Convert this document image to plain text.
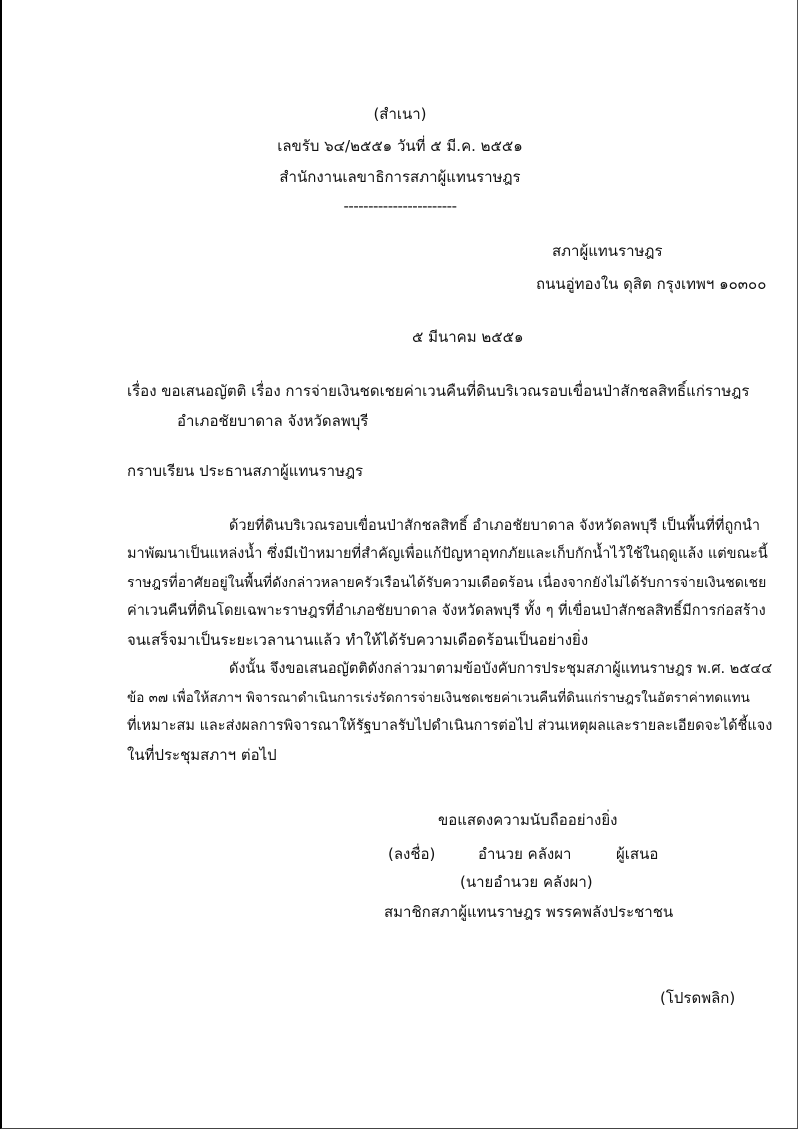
(สำเนา)
เลขรับ ๖๔/๒๕๕๑ วันที่ ๕ มี.ค. ๒๕๕๑
สำนักงานเลขาธิการสภาผู้แทนราษฎร
-----------------------
สภาผู้แทนราษฎร
ถนนอู่ทองใน ดุสิต กรุงเทพฯ ๑๐๓๐๐
๕ มีนาคม ๒๕๕๑
เรื่อง ขอเสนอญัตติ เรื่อง การจ่ายเงินชดเชยค่าเวนคืนที่ดินบริเวณรอบเขื่อนป่าสักชลสิทธิ์แก่ราษฎร
อำเภอชัยบาดาล จังหวัดลพบุรี
กราบเรียน ประธานสภาผู้แทนราษฎร
ด้วยที่ดินบริเวณรอบเขื่อนป่าสักชลสิทธิ์ อำเภอชัยบาดาล จังหวัดลพบุรี เป็นพื้นที่ที่ถูกนำ
มาพัฒนาเป็นแหล่งน้ำ ซึ่งมีเป้าหมายที่สำคัญเพื่อแก้ปัญหาอุทกภัยและเก็บกักน้ำไว้ใช้ในฤดูแล้ง แต่ขณะนี้
ราษฎรที่อาศัยอยู่ในพื้นที่ดังกล่าวหลายครัวเรือนได้รับความเดือดร้อน เนื่องจากยังไม่ได้รับการจ่ายเงินชดเชย
ค่าเวนคืนที่ดินโดยเฉพาะราษฎรที่อำเภอชัยบาดาล จังหวัดลพบุรี ทั้ง ๆ ที่เขื่อนป่าสักชลสิทธิ์มีการก่อสร้าง
จนเสร็จมาเป็นระยะเวลานานแล้ว ทำให้ได้รับความเดือดร้อนเป็นอย่างยิ่ง
ดังนั้น จึงขอเสนอญัตติดังกล่าวมาตามข้อบังคับการประชุมสภาผู้แทนราษฎร พ.ศ. ๒๕๔๔
ข้อ ๓๗ เพื่อให้สภาฯ พิจารณาดำเนินการเร่งรัดการจ่ายเงินชดเชยค่าเวนคืนที่ดินแก่ราษฎรในอัตราค่าทดแทน
ที่เหมาะสม และส่งผลการพิจารณาให้รัฐบาลรับไปดำเนินการต่อไป ส่วนเหตุผลและรายละเอียดจะได้ชี้แจง
ในที่ประชุมสภาฯ ต่อไป
ขอแสดงความนับถืออย่างยิ่ง
(ลงชื่อ)	อำนวย คลังผา	ผู้เสนอ
(นายอำนวย คลังผา)
สมาชิกสภาผู้แทนราษฎร พรรคพลังประชาชน
(โปรดพลิก)
